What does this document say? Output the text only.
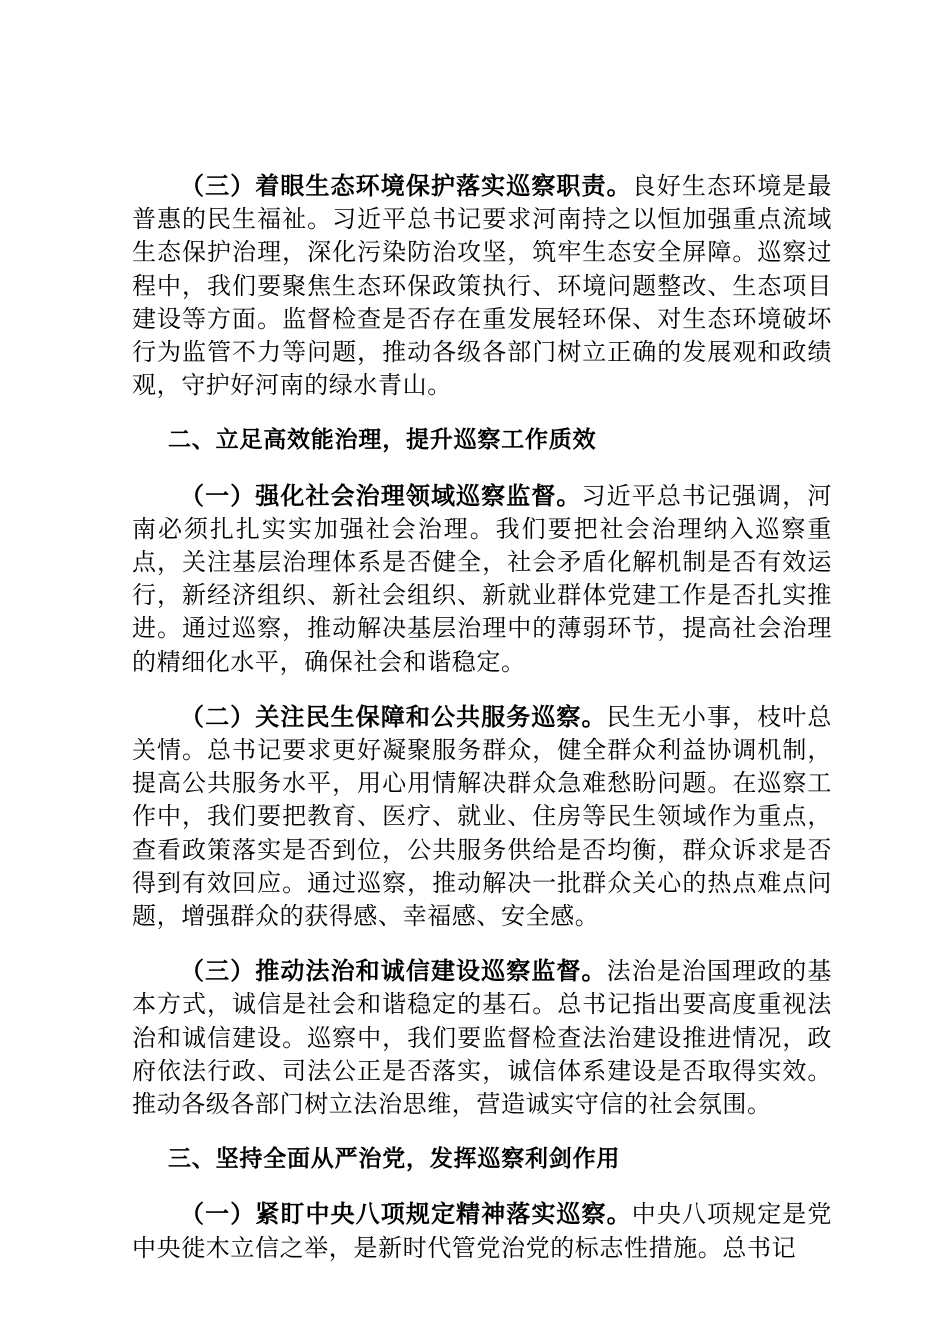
（三）着眼生态环境保护落实巡察职责。良好生态环境是最普惠的民生福祉。习近平总书记要求河南持之以恒加强重点流域生态保护治理，深化污染防治攻坚，筑牢生态安全屏障。巡察过程中，我们要聚焦生态环保政策执行、环境问题整改、生态项目建设等方面。监督检查是否存在重发展轻环保、对生态环境破坏行为监管不力等问题，推动各级各部门树立正确的发展观和政绩观，守护好河南的绿水青山。

二、立足高效能治理，提升巡察工作质效

（一）强化社会治理领域巡察监督。习近平总书记强调，河南必须扎扎实实加强社会治理。我们要把社会治理纳入巡察重点，关注基层治理体系是否健全，社会矛盾化解机制是否有效运行，新经济组织、新社会组织、新就业群体党建工作是否扎实推进。通过巡察，推动解决基层治理中的薄弱环节，提高社会治理的精细化水平，确保社会和谐稳定。

（二）关注民生保障和公共服务巡察。民生无小事，枝叶总关情。总书记要求更好凝聚服务群众，健全群众利益协调机制，提高公共服务水平，用心用情解决群众急难愁盼问题。在巡察工作中，我们要把教育、医疗、就业、住房等民生领域作为重点，查看政策落实是否到位，公共服务供给是否均衡，群众诉求是否得到有效回应。通过巡察，推动解决一批群众关心的热点难点问题，增强群众的获得感、幸福感、安全感。

（三）推动法治和诚信建设巡察监督。法治是治国理政的基本方式，诚信是社会和谐稳定的基石。总书记指出要高度重视法治和诚信建设。巡察中，我们要监督检查法治建设推进情况，政府依法行政、司法公正是否落实，诚信体系建设是否取得实效。推动各级各部门树立法治思维，营造诚实守信的社会氛围。

三、坚持全面从严治党，发挥巡察利剑作用

（一）紧盯中央八项规定精神落实巡察。中央八项规定是党中央徙木立信之举，是新时代管党治党的标志性措施。总书记
